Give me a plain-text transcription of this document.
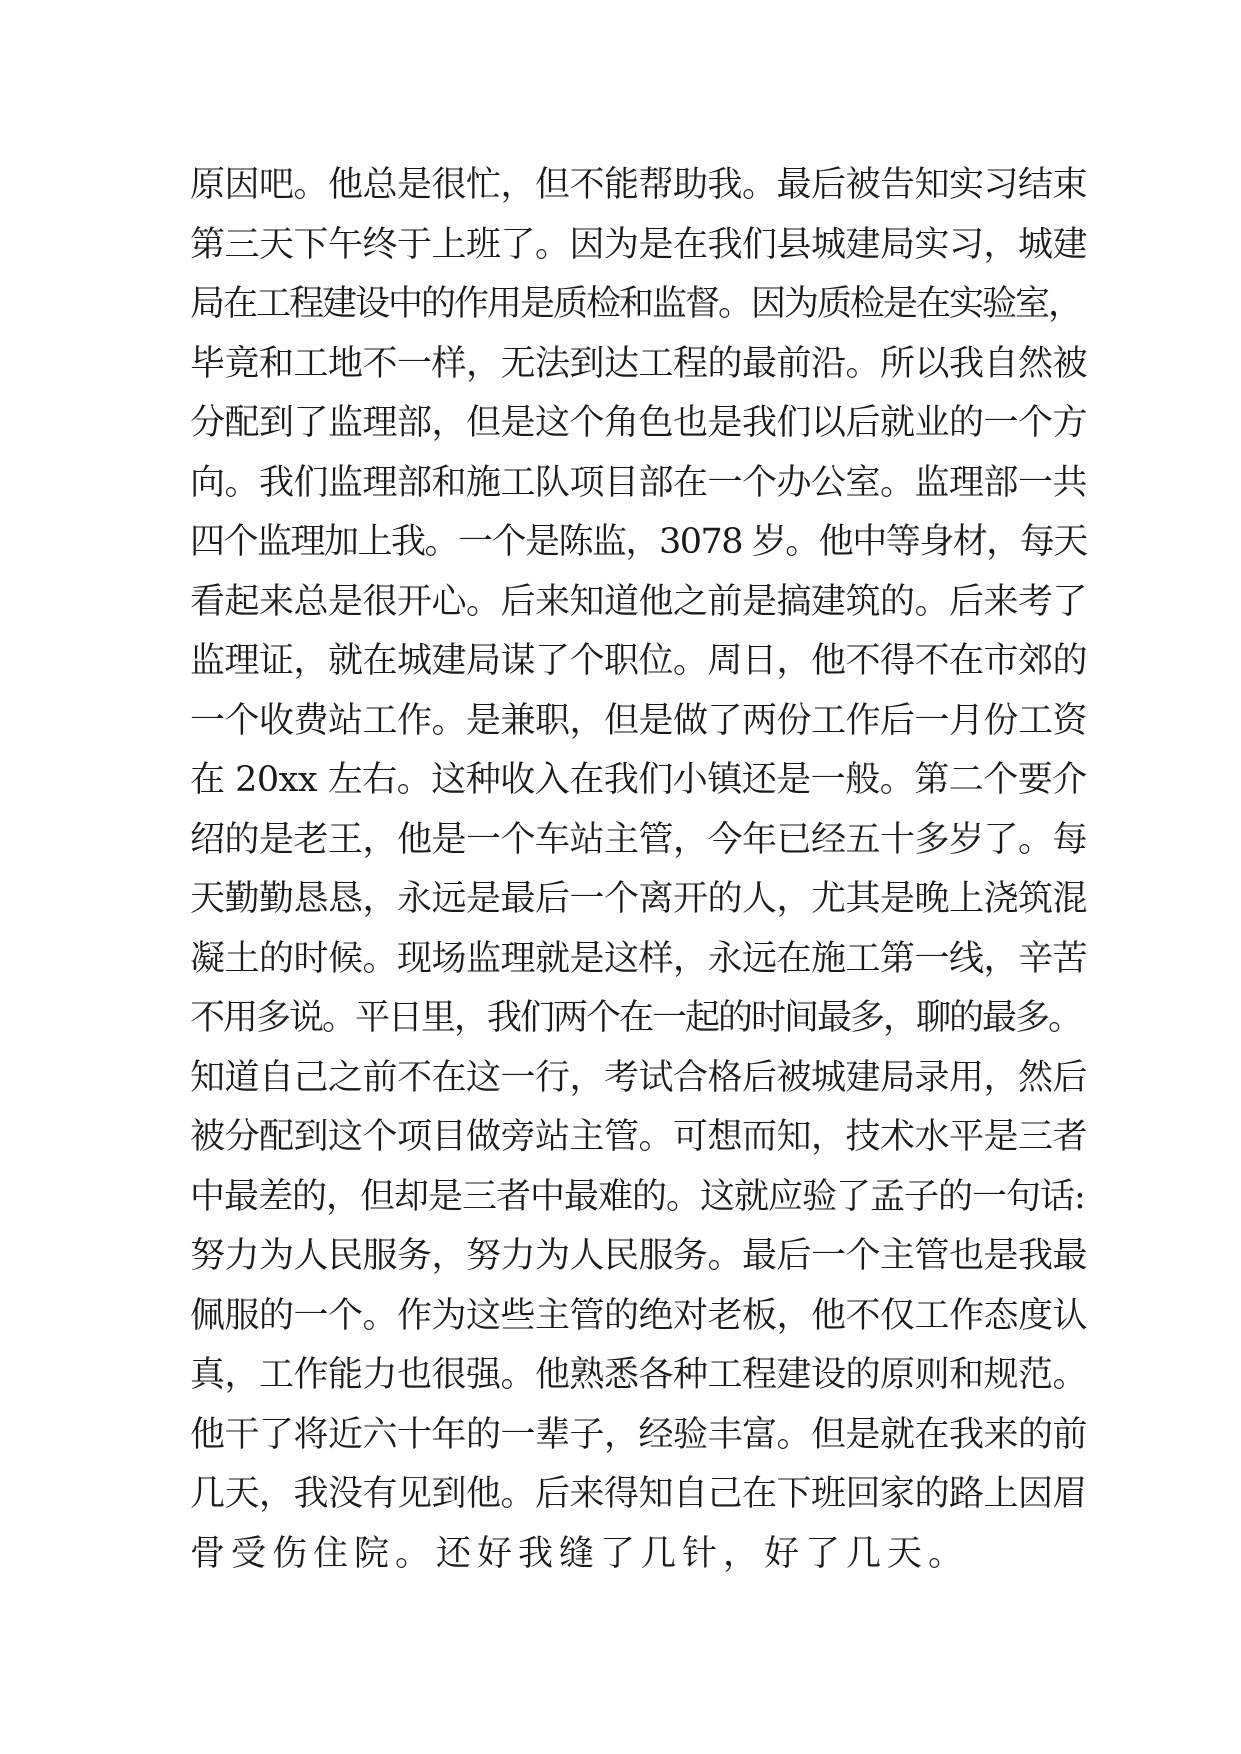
原因吧。他总是很忙，但不能帮助我。最后被告知实习结束
第三天下午终于上班了。因为是在我们县城建局实习，城建
局在工程建设中的作用是质检和监督。因为质检是在实验室，
毕竟和工地不一样，无法到达工程的最前沿。所以我自然被
分配到了监理部，但是这个角色也是我们以后就业的一个方
向。我们监理部和施工队项目部在一个办公室。监理部一共
四个监理加上我。一个是陈监，3078 岁。他中等身材，每天
看起来总是很开心。后来知道他之前是搞建筑的。后来考了
监理证，就在城建局谋了个职位。周日，他不得不在市郊的
一个收费站工作。是兼职，但是做了两份工作后一月份工资
在 20xx 左右。这种收入在我们小镇还是一般。第二个要介
绍的是老王，他是一个车站主管，今年已经五十多岁了。每
天勤勤恳恳，永远是最后一个离开的人，尤其是晚上浇筑混
凝土的时候。现场监理就是这样，永远在施工第一线，辛苦
不用多说。平日里，我们两个在一起的时间最多，聊的最多。
知道自己之前不在这一行，考试合格后被城建局录用，然后
被分配到这个项目做旁站主管。可想而知，技术水平是三者
中最差的，但却是三者中最难的。这就应验了孟子的一句话:
努力为人民服务，努力为人民服务。最后一个主管也是我最
佩服的一个。作为这些主管的绝对老板，他不仅工作态度认
真，工作能力也很强。他熟悉各种工程建设的原则和规范。
他干了将近六十年的一辈子，经验丰富。但是就在我来的前
几天，我没有见到他。后来得知自己在下班回家的路上因眉
骨受伤住院。还好我缝了几针，好了几天。
